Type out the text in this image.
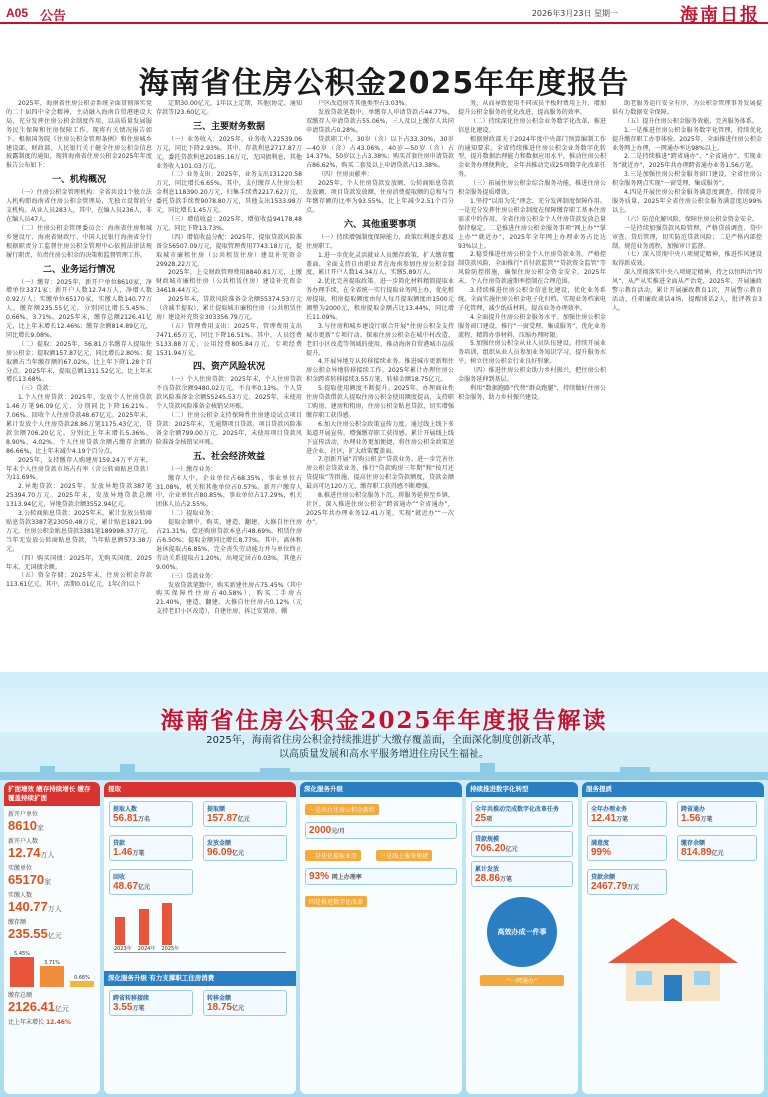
A05 公告	2026年3月23日 星期一	海南日报
海南省住房公积金2025年年度报告

2025年，海南省住房公积金系统全面贯彻落实党的二十届四中全会精神，主动融入海南自贸港建设大局，充分发挥住房公积金制度作用，以高质量发展服务民生保障和住房保障工作，现将有关情况报告如下。根据国务院《住房公积金管理条例》和住房城乡建设部、财政部、人民银行关于健全住房公积金信息披露制度的通知，现将海南省住房公积金2025年年度报告公布如下：

一、机构概况

（一）住房公积金管理机构：全省共设1个独立法人机构即海南省住房公积金管理局，无独立设置的分支机构。从业人员283人，其中，在编人员236人，非在编人员47人。

（二）住房公积金管理委员会：海南省住房和城乡建设厅、海南省财政厅、中国人民银行海南省分行根据职责分工监督住房公积金管理中心依照法律法规履行职责，负责住房公积金的决策和监督管理工作。

二、业务运行情况

（一）缴存：2025年，新开户单位8610家，净增单位3371家；新开户人数12.74万人，净增人数0.92万人；实缴单位65170家，实缴人数140.77万人，缴存额235.55亿元，分别同比增长5.45%、0.66%、3.71%。2025年末，缴存总额2126.41亿元，比上年末增长12.46%；缴存余额814.89亿元，同比增长9.08%。

（二）提取：2025年，56.81万名缴存人提取住房公积金；提取额157.87亿元，同比增长2.80%；提取额占当年缴存额的67.02%，比上年下降1.28个百分点。2025年末，提取总额1311.52亿元，比上年末增长13.68%。

（三）贷款：

1.个人住房贷款：2025年，发放个人住房贷款1.46万笔96.09亿元，分别同比下降16.21%、7.06%。回收个人住房贷款48.67亿元。2025年末，累计发放个人住房贷款28.86万笔1175.43亿元，贷款余额706.20亿元，分别比上年末增长5.36%、8.90%、4.02%。个人住房贷款余额占缴存余额的86.66%，比上年末减少4.19个百分点。

2025年，支持缴存人购建房159.24万平方米，年末个人住房贷款市场占有率（含公转商贴息贷款）为11.69%。

2.异地贷款：2025年，发放异地贷款387笔25394.70万元。2025年末，发放异地贷款总额1313.94亿元，异地贷款余额3552.94亿元。

3.公转商贴息贷款：2025年末，累计发放公转商贴息贷款3387笔23050.48万元，累计贴息1821.99万元。住房公积金贴息贷款3381笔189998.37万元，当年无发放公转商贴息贷款，当年贴息额573.38万元。

（四）购买国债：2025年，无购买国债。2025年末，无国债余额。

（五）资金存储：2025年末，住房公积金存款113.61亿元。其中，活期0.01亿元，1年(含)以下

定期30.00亿元，1年以上定期，其他(协定、通知存款等)23.60亿元。

三、主要财务数据

（一）业务收入：2025年，业务收入22539.06万元，同比下降2.93%。其中，存款利息2717.87万元，委托贷款利息20185.16万元，无国债利息，其他业务收入101.03万元。

（二）业务支出：2025年，业务支出131220.58万元，同比增长6.65%。其中，支付缴存人住房公积金利息118390.20万元，归集手续费2217.62万元，委托贷款手续费9078.80万元，其他支出1533.98万元，同比增长1.45万元。

（三）增值收益：2025年，增值收益94178.48万元，同比下降13.73%。

（四）增值收益分配：2025年，提取贷款风险准备金56507.09万元，提取管理费用7743.18万元，提取城市廉租住房（公共租赁住房）建设补充资金29928.22万元。

2025年，上交财政管理费用8840.81万元，上缴财政城市廉租住房（公共租赁住房）建设补充资金34618.44万元。

2025年末，贷款风险准备金余额55374.53万元（含减半提取），累计提取城市廉租住房（公共租赁住房）建设补充资金303356.79万元。

（五）管理费用支出：2025年，管理费用支出7471.65万元，同比下降16.51%。其中，人员经费5133.88万元，公用经费805.84万元，专项经费1531.94万元。

四、资产风险状况

（一）个人住房贷款：2025年末，个人住房贷款不良贷款余额9480.02万元，不良率0.13%。个人贷款风险准备金余额55245.53万元。2025年，未使用个人贷款风险准备金核销呆坏账。

（二）住房公积金支持保障性住房建设试点项目贷款：2025年末，无逾期项目贷款。项目贷款风险准备金余额799.00万元。2025年，未使用项目贷款风险准备金核销呆坏账。

五、社会经济效益

（一）缴存业务：

缴存人中，企业单位占68.35%，事业单位占31.08%，机关和其他单位占0.57%。新开户缴存人中，企业单位占80.85%，事业单位占17.29%，机关团体人员占2.55%。

（二）提取业务：

提取金额中，购买、建造、翻建、大修自住住房占21.31%，偿还购房贷款本息占48.69%，租赁住房占6.50%；提取金额同比增长8.77%，其中，离休和退休提取占6.85%，完全丧失劳动能力并与单位终止劳动关系提取占1.20%，出境定居占0.03%，其他占9.00%。

（三）贷款业务：

发放贷款笔数中，购买新建住房占75.45%（其中购买保障性住房占40.58%），购买二手房占21.40%，建造、翻建、大修自住住房占0.12%（元支持老旧小区改造），自建住房、拆迁安置房、棚

户区改造房等其他类型占3.03%。

发放贷款笔数中，单缴存人申请贷款占44.77%，双缴存人申请贷款占55.06%，三人及以上缴存人共同申请贷款占0.28%。

贷款职工中，30岁（含）以下占33.30%，30岁—40岁（含）占43.06%，40岁—50岁（含）占14.37%，50岁以上占3.38%；购买首套住房申请贷款占86.62%，购买二套及以上申请贷款占13.38%。

（四）住房贡献率：

2025年，个人住房贷款发放额、公转商贴息贷款发放额、项目贷款发放额、住房消费提取额的总和与当年缴存额的比率为93.55%，比上年减少2.51个百分点。

六、其他重要事项

（一）持续增强制度保障能力，政策红利逐步惠及住房职工。

1.进一步优化灵活就业人员缴存政策，扩大缴存覆盖面，全面支持自由职业者在海南参加住房公积金制度，累计开户人数14.34万人，实缴5.89万人。

2.优化完善提取政策。进一步简化材料精简提取业务办理手续，在全省统一实行提取业务网上办，优化租房提取，租房提取额度由每人每月提取额度由1500元调整为2000元，租房提取金额占比13.44%，同比增长11.09%。

3.与住房和城乡建设厅联合开展“住房公积金支持城市更新”专项行动。探索住房公积金在城中村改造、老旧小区改造等领域的使用，推动海南自贸港城市品质提升。

4.开展异地互认转移接续业务。推进城市更新和住房公积金异地转移接续工作。2025年累计办理住房公积金跨省转移接续3.55万笔，转移金额18.75亿元。

5.提取使用额度不断提升。2025年，办理商业性住房贷款借款人提取住房公积金使用额度提高，支持职工购房、建房和租房，住房公积金贴息贷款，切实增强缴存职工获得感。

6.加大住房公积金政策宣传力度。通过线上线下多渠道开展宣传，增强缴存职工获得感。累计开展线上线下宣传活动，办理业务更加便捷，将住房公积金政策送进企业、社区，扩大政策覆盖面。

7.创新开展“首购公积金”贷款业务。进一步完善住房公积金贷款业务，推行“贷款购房三年期”和“按月还贷提取”等措施，提高住房公积金贷款额度，贷款金额最高可达120万元，缴存职工获得感不断增强。

8.推进住房公积金服务下沉。将服务延伸至乡镇、社区，深入推进住房公积金“跨省通办”“全省通办”，2025年共办理业务12.41万笔，实现“就近办”“一次办”。

务，从而导致使用不同成员平板时费用上升，增加提升公积金服务的优化改进，提高服务的效率。

（二）持续深化住房公积金业务数字化改革，推进信息化建设。

根据财政部关于2024年度中央部门预算编制工作的通知要求，全省持续推进住房公积金业务数字化转型，提升数据治理能力和数据应用水平，推动住房公积金业务办理便利化，全年共推动完成25项数字化改革任务。

（三）拓展住房公积金综合服务功能，推进住房公积金服务提质增效。

1.坚持“以用为先”理念，充分发挥制度保障作用。一是充分发挥住房公积金制度在保障缴存职工基本住房需求中的作用，全省住房公积金个人住房贷款发放总量保持稳定。二是推进住房公积金服务事项“网上办”“掌上办”“就近办”，2025年全年网上办理业务占比达93%以上。

2.稳妥推进住房公积金个人住房贷款业务。严格控制贷款风险，全面推行“首付款监管”“贷款资金监管”等风险防控措施，确保住房公积金资金安全。2025年末，个人住房贷款逾期率控制在合理范围。

3.持续推进住房公积金信息化建设，优化业务系统。全面实施住房公积金电子化归档，实现业务档案电子化管理，减少纸质材料，提高业务办理效率。

4.全面提升住房公积金服务水平。加强住房公积金服务窗口建设，推行“一窗受理、集成服务”，优化业务流程，精简办事材料，压缩办理时限。

5.加强住房公积金从业人员队伍建设。持续开展业务培训，组织从业人员参加业务知识学习，提升服务水平，树立住房公积金行业良好形象。

（四）推进住房公积金助力乡村振兴，把住房公积金服务延伸到基层。

利用“数据跑路”代替“群众跑腿”，持续做好住房公积金服务，助力乡村振兴建设。

助老服务运行安全有序，为公积金管理事务发展提供有力数据安全保障。

（五）提升住房公积金服务效能，完善服务体系。

1.一是推进住房公积金服务数字化管理，持续优化提升缴存职工办事体验。2025年，全面推进住房公积金业务网上办理，一网通办率达98%以上。

2.二是持续推进“跨省通办”、“全省通办”，实现业务“就近办”，2025年共办理跨省通办业务1.56万笔。

3.三是加强住房公积金服务窗口建设，全省住房公积金服务网点实现“一窗受理、集成服务”。

4.四是开展住房公积金服务满意度调查，持续提升服务质量，2025年全省住房公积金服务满意度达99%以上。

（六）防范化解风险，保障住房公积金资金安全。

一是持续加强贷款风险管理，严格贷前调查、贷中审查、贷后管理，切实防范贷款风险；二是严格内部控制，规范业务流程，加强审计监督。

（七）深入贯彻中央八项规定精神，推进作风建设取得新成效。

深入贯彻落实中央八项规定精神，持之以恒纠治“四风”，从严从实推进全面从严治党，2025年，开展廉政警示教育活动，累计开展廉政教育1次，开展警示教育活动，任职廉政谈话4场，提醒谈话2人，批评教育3人。

海南省住房公积金2025年年度报告解读
2025年，海南省住房公积金持续推进扩大缴存覆盖面，全面深化制度创新改革，
以高质量发展和高水平服务增进住房民生福祉。
扩面增效 缴存持续增长 缴存覆盖持续扩面
新开户单位
8610家
新开户人数
12.74万人
实缴单位
65170家
实缴人数
140.77万人
缴存额
235.55亿元
5.45%
3.71%
0.66%
缴存总额
2126.41亿元
比上年末增长 12.46%
提取
提取人数
56.81万名
提取额
157.87亿元
贷款
1.46万笔
发放金额
96.09亿元
回收
48.67亿元
2023年 2024年 2025年
深化服务升级 有力支撑职工住房消费
跨省转移接续
3.55万笔
转移金额
18.75亿元
深化服务升级
一是出台住房公积金新政
2000元/月
二是优化提取业务	三是线上服务便捷
93% 网上办理率
四是推进数字化改革
持续推进数字化转型
全年共推动完成数字化改革任务
25项
贷款规模
706.20亿元
累计发放
28.86万笔
高效办成一件事
“一网通办”
服务提质
全年办理业务
12.41万笔
跨省通办
1.56万笔
满意度
99%
缴存余额
814.89亿元
贷款余额
2467.79万元
